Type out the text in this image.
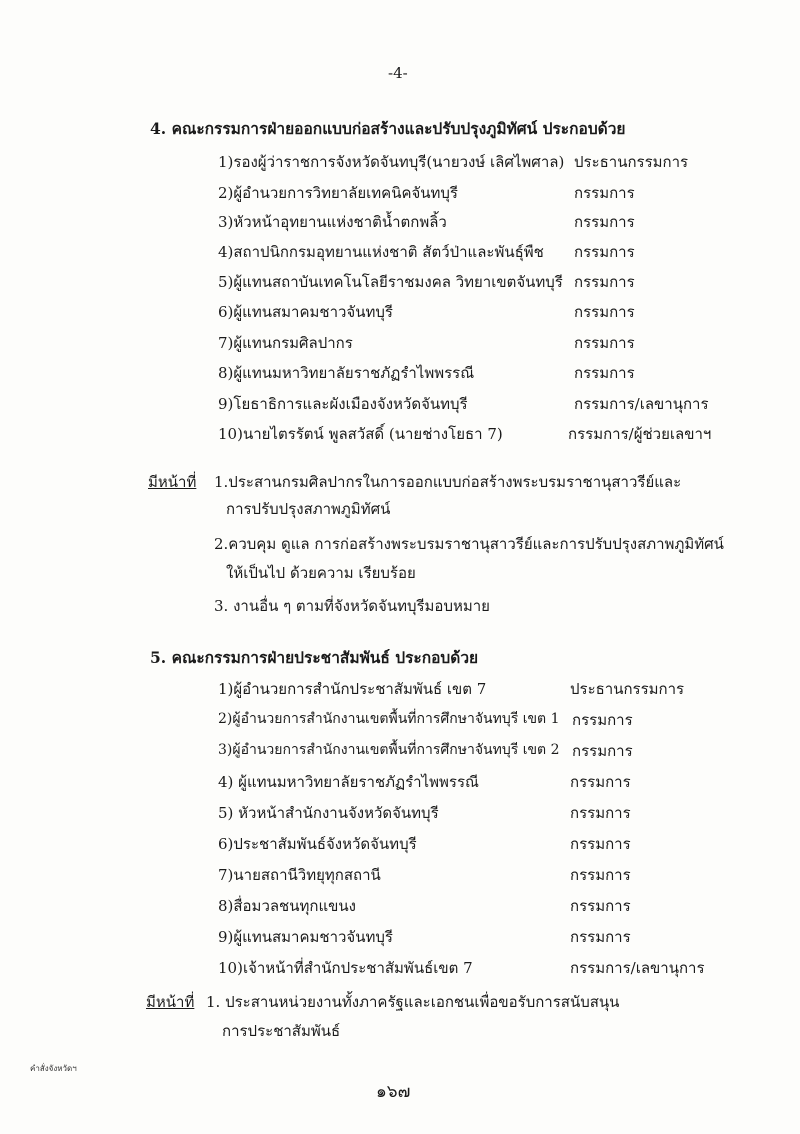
-4-
4. คณะกรรมการฝ่ายออกแบบก่อสร้างและปรับปรุงภูมิทัศน์ ประกอบด้วย
1)รองผู้ว่าราชการจังหวัดจันทบุรี(นายวงษ์ เลิศไพศาล) ประธานกรรมการ
2)ผู้อำนวยการวิทยาลัยเทคนิคจันทบุรี	กรรมการ
3)หัวหน้าอุทยานแห่งชาติน้ำตกพลิ้ว	กรรมการ
4)สถาปนิกกรมอุทยานแห่งชาติ สัตว์ป่าและพันธุ์พืช กรรมการ
5)ผู้แทนสถาบันเทคโนโลยีราชมงคล วิทยาเขตจันทบุรี กรรมการ
6)ผู้แทนสมาคมชาวจันทบุรี	กรรมการ
7)ผู้แทนกรมศิลปากร	กรรมการ
8)ผู้แทนมหาวิทยาลัยราชภัฏรำไพพรรณี	กรรมการ
9)โยธาธิการและผังเมืองจังหวัดจันทบุรี	กรรมการ/เลขานุการ
10)นายไตรรัตน์ พูลสวัสดิ์ (นายช่างโยธา 7)	กรรมการ/ผู้ช่วยเลขาฯ
มีหน้าที่ 1.ประสานกรมศิลปากรในการออกแบบก่อสร้างพระบรมราชานุสาวรีย์และ
การปรับปรุงสภาพภูมิทัศน์
2.ควบคุม ดูแล การก่อสร้างพระบรมราชานุสาวรีย์และการปรับปรุงสภาพภูมิทัศน์
ให้เป็นไป ด้วยความ เรียบร้อย
3. งานอื่น ๆ ตามที่จังหวัดจันทบุรีมอบหมาย
5. คณะกรรมการฝ่ายประชาสัมพันธ์ ประกอบด้วย
1)ผู้อำนวยการสำนักประชาสัมพันธ์ เขต 7	ประธานกรรมการ
2)ผู้อำนวยการสำนักงานเขตพื้นที่การศึกษาจันทบุรี เขต 1 กรรมการ
3)ผู้อำนวยการสำนักงานเขตพื้นที่การศึกษาจันทบุรี เขต 2 กรรมการ
4) ผู้แทนมหาวิทยาลัยราชภัฏรำไพพรรณี	กรรมการ
5) หัวหน้าสำนักงานจังหวัดจันทบุรี	กรรมการ
6)ประชาสัมพันธ์จังหวัดจันทบุรี	กรรมการ
7)นายสถานีวิทยุทุกสถานี	กรรมการ
8)สื่อมวลชนทุกแขนง	กรรมการ
9)ผู้แทนสมาคมชาวจันทบุรี	กรรมการ
10)เจ้าหน้าที่สำนักประชาสัมพันธ์เขต 7	กรรมการ/เลขานุการ
มีหน้าที่ 1. ประสานหน่วยงานทั้งภาครัฐและเอกชนเพื่อขอรับการสนับสนุน
การประชาสัมพันธ์
คำสั่งจังหวัดฯ
๑๖๗
